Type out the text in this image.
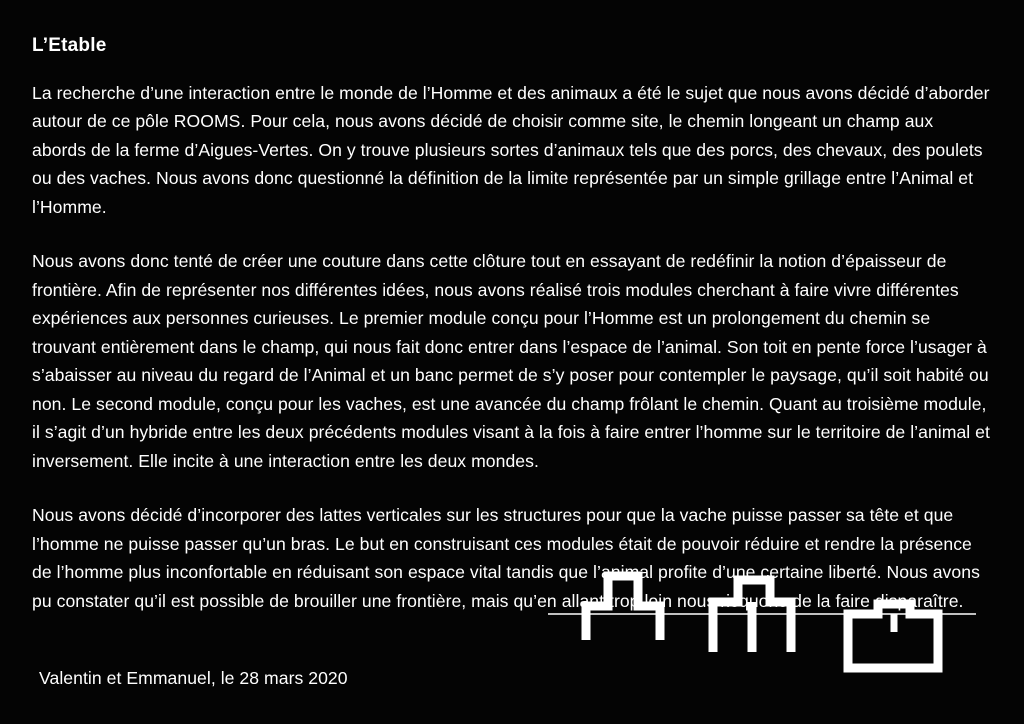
L’Etable

La recherche d’une interaction entre le monde de l’Homme et des animaux a été le sujet que nous avons décidé d’aborder autour de ce pôle ROOMS. Pour cela, nous avons décidé de choisir comme site, le chemin longeant un champ aux abords de la ferme d’Aigues-Vertes. On y trouve plusieurs sortes d’animaux tels que des porcs, des chevaux, des poulets ou des vaches. Nous avons donc questionné la définition de la limite représentée par un simple grillage entre l’Animal et l’Homme.

Nous avons donc tenté de créer une couture dans cette clôture tout en essayant de redéfinir la notion d’épaisseur de frontière. Afin de représenter nos différentes idées, nous avons réalisé trois modules cherchant à faire vivre différentes expériences aux personnes curieuses. Le premier module conçu pour l’Homme est un prolongement du chemin se trouvant entièrement dans le champ, qui nous fait donc entrer dans l’espace de l’animal. Son toit en pente force l’usager à s’abaisser au niveau du regard de l’Animal et un banc permet de s’y poser pour contempler le paysage, qu’il soit habité ou non. Le second module, conçu pour les vaches, est une avancée du champ frôlant le chemin. Quant au troisième module, il s’agit d’un hybride entre les deux précédents modules visant à la fois à faire entrer l’homme sur le territoire de l’animal et inversement. Elle incite à une interaction entre les deux mondes.

Nous avons décidé d’incorporer des lattes verticales sur les structures pour que la vache puisse passer sa tête et que l’homme ne puisse passer qu’un bras. Le but en construisant ces modules était de pouvoir réduire et rendre la présence de l’homme plus inconfortable en réduisant son espace vital tandis que l’animal profite d’une certaine liberté. Nous avons pu constater qu’il est possible de brouiller une frontière, mais qu’en allant trop loin nous risquons de la faire disparaître.

Valentin et Emmanuel, le 28 mars 2020
